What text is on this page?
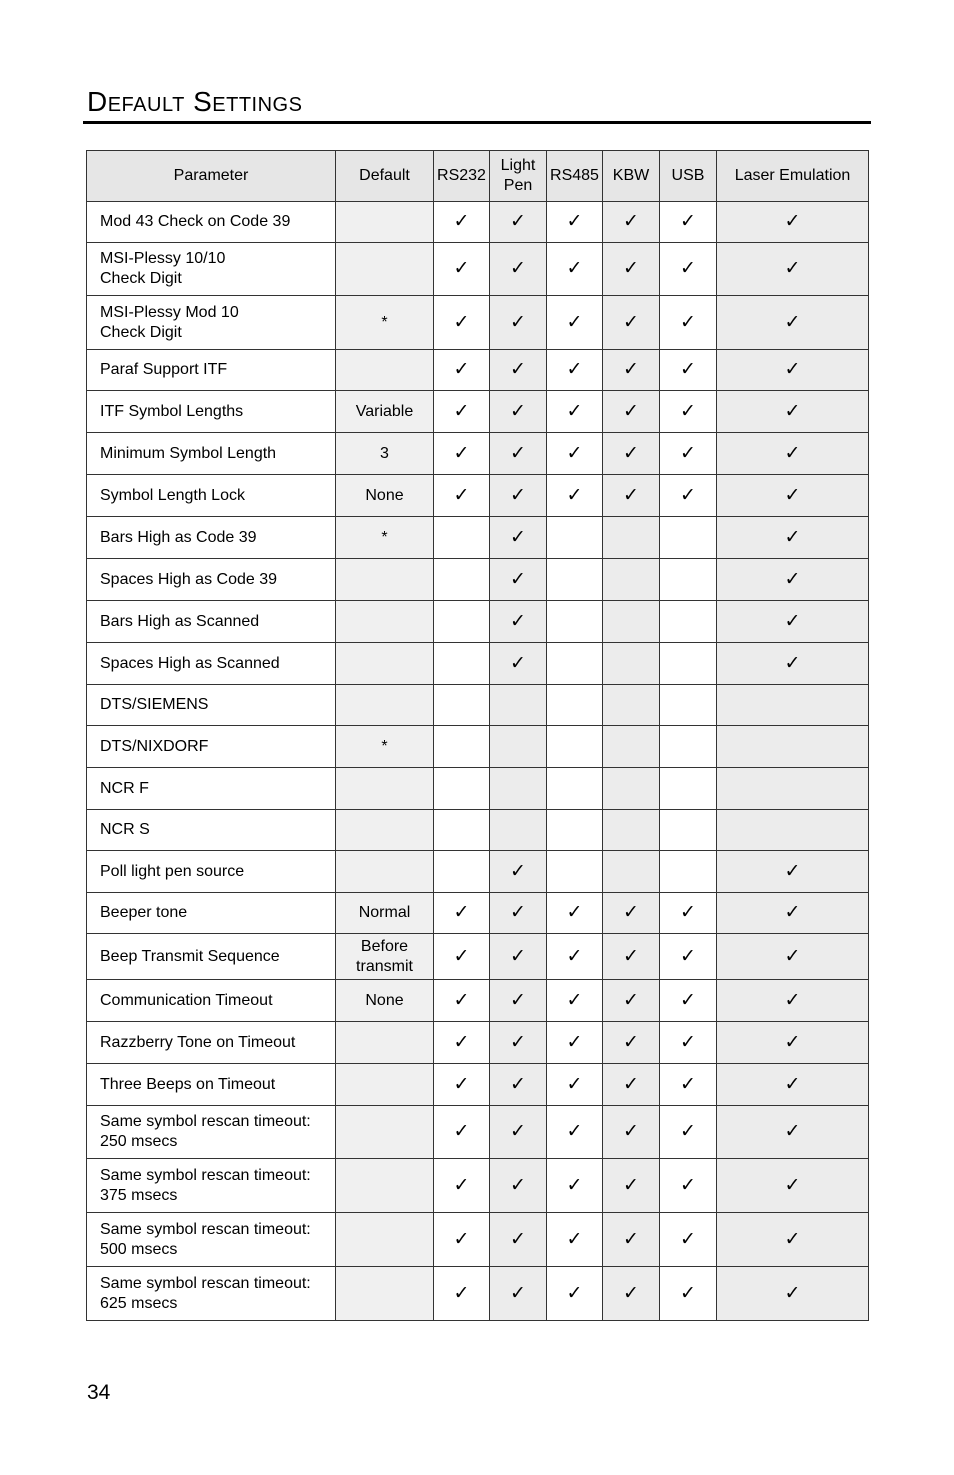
Default Settings
Parameter	Default	RS232	Light
Pen	RS485	KBW	USB	Laser Emulation
Mod 43 Check on Code 39		✓	✓	✓	✓	✓	✓
MSI-Plessy 10/10
Check Digit		✓	✓	✓	✓	✓	✓
MSI-Plessy Mod 10
Check Digit	*	✓	✓	✓	✓	✓	✓
Paraf Support ITF		✓	✓	✓	✓	✓	✓
ITF Symbol Lengths	Variable	✓	✓	✓	✓	✓	✓
Minimum Symbol Length	3	✓	✓	✓	✓	✓	✓
Symbol Length Lock	None	✓	✓	✓	✓	✓	✓
Bars High as Code 39	*		✓				✓
Spaces High as Code 39			✓				✓
Bars High as Scanned			✓				✓
Spaces High as Scanned			✓				✓
DTS/SIEMENS							
DTS/NIXDORF	*						
NCR F							
NCR S							
Poll light pen source			✓				✓
Beeper tone	Normal	✓	✓	✓	✓	✓	✓
Beep Transmit Sequence	Before
transmit	✓	✓	✓	✓	✓	✓
Communication Timeout	None	✓	✓	✓	✓	✓	✓
Razzberry Tone on Timeout		✓	✓	✓	✓	✓	✓
Three Beeps on Timeout		✓	✓	✓	✓	✓	✓
Same symbol rescan timeout:
250 msecs		✓	✓	✓	✓	✓	✓
Same symbol rescan timeout:
375 msecs		✓	✓	✓	✓	✓	✓
Same symbol rescan timeout:
500 msecs		✓	✓	✓	✓	✓	✓
Same symbol rescan timeout:
625 msecs		✓	✓	✓	✓	✓	✓
34
